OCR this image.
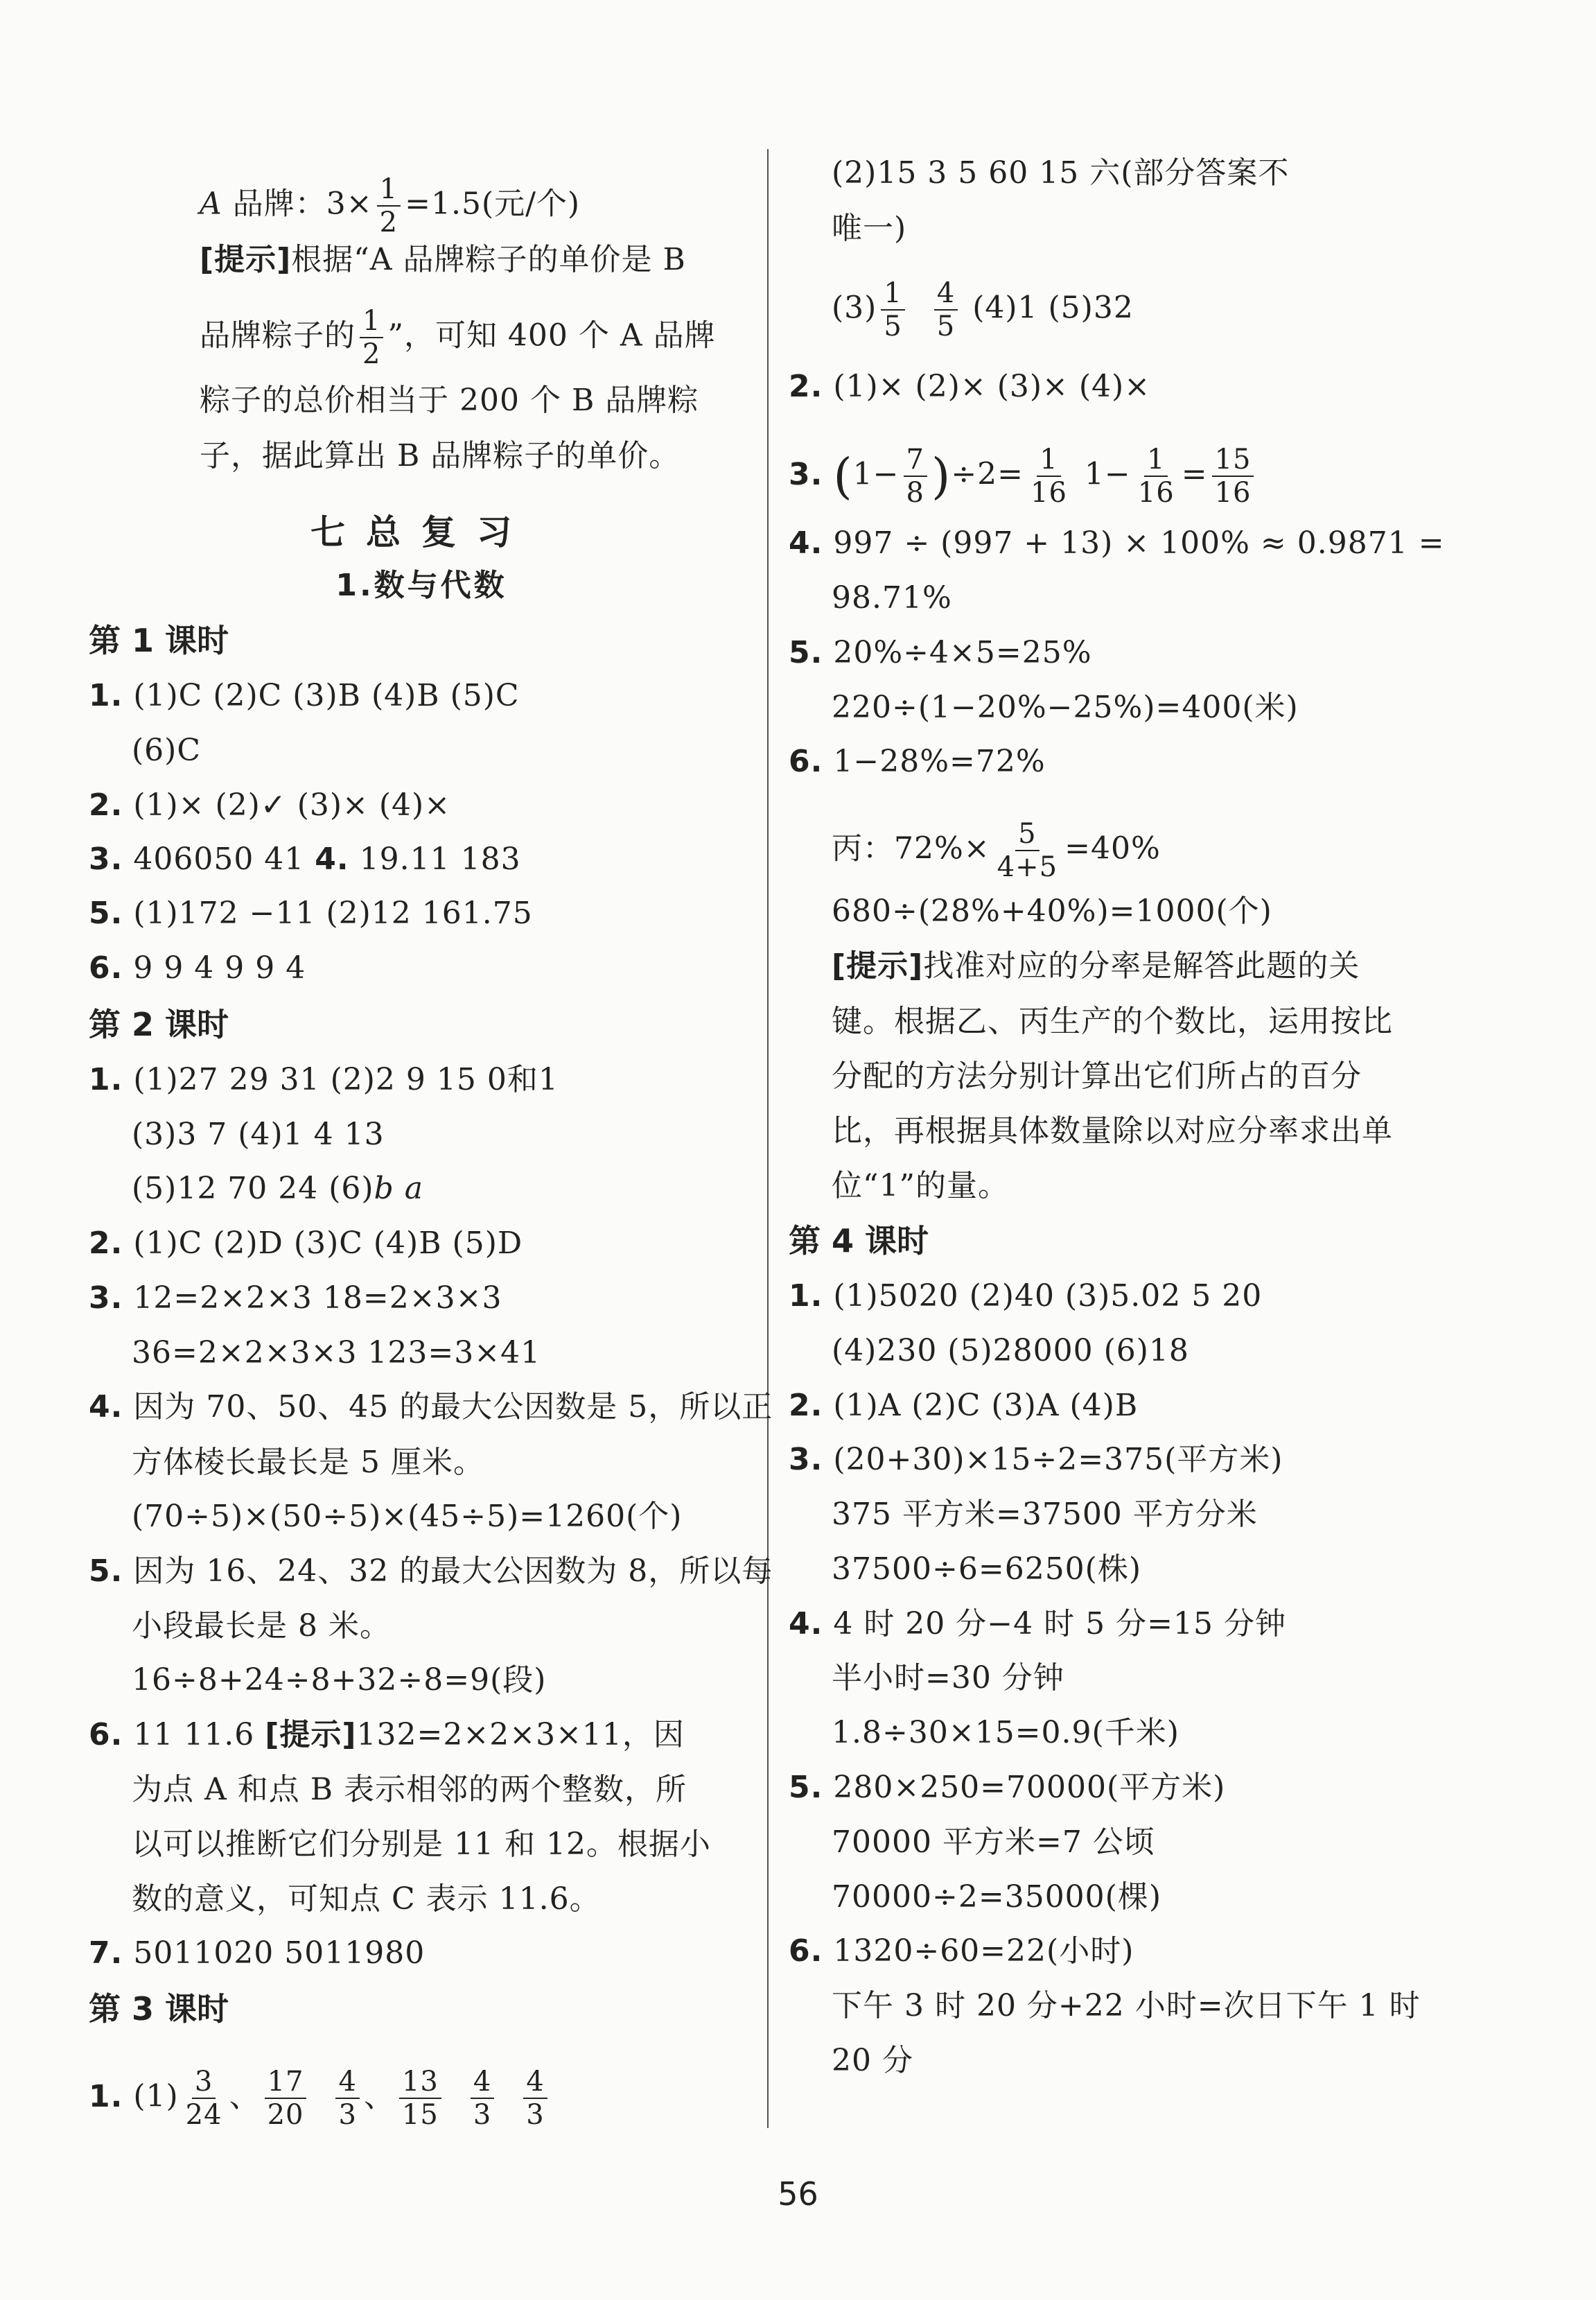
A 品牌：$3\times \frac{1}{2} =1.5$(元/个)
[提示]根据“A 品牌粽子的单价是 B
品牌粽子的 $\frac{1}{2}$ ”，可知 400 个 A 品牌
粽子的总价相当于 200 个 B 品牌粽
子，据此算出 B 品牌粽子的单价。
七总复习
1.数与代数
第 1 课时
1. (1)C (2)C (3)B (4)B (5)C
(6)C
2. (1)× (2)✓ (3)× (4)×
3. 406050 41 4. 19.11 183
5. (1)172 −11 (2)12 161.75
6. 9 9 4 9 9 4
第 2 课时
1. (1)27 29 31 (2)2 9 15 0和1
(3)3 7 (4)1 4 13
(5)12 70 24 (6)b a
2. (1)C (2)D (3)C (4)B (5)D
3. 12=2×2×3 18=2×3×3
36=2×2×3×3 123=3×41
4. 因为 70、50、45 的最大公因数是 5，所以正
方体棱长最长是 5 厘米。
(70÷5)×(50÷5)×(45÷5)=1260(个)
5. 因为 16、24、32 的最大公因数为 8，所以每
小段最长是 8 米。
16÷8+24÷8+32÷8=9(段)
6. 11 11.6 [提示]132=2×2×3×11，因
为点 A 和点 B 表示相邻的两个整数，所
以可以推断它们分别是 11 和 12。根据小
数的意义，可知点 C 表示 11.6。
7. 5011020 5011980
第 3 课时
1. $(1) \frac{3}{24}$ 、 $\frac{17}{20}$
$\frac{4}{3}$ 、 $\frac{13}{15}$
$\frac{4}{3}$
$\frac{4}{3}$
(2)15 3 5 60 15 六(部分答案不
唯一)
$(3) \frac{1}{5}$
$\frac{4}{5} (4)1$ (5)32
2. (1)× (2)× (3)× (4)×
3. $(1- \frac{7}{8} )\div 2= \frac{1}{16} 1- \frac{1}{16} = \frac{15}{16}$
4. 997 ÷ (997 + 13) × 100% ≈ 0.9871 =
98.71%
5. 20%÷4×5=25%
220÷(1−20%−25%)=400(米)
6. 1−28%=72%
丙：$72\%\times \frac{5}{4+5} =40\%$
680÷(28%+40%)=1000(个)
[提示]找准对应的分率是解答此题的关
键。根据乙、丙生产的个数比，运用按比
分配的方法分别计算出它们所占的百分
比，再根据具体数量除以对应分率求出单
位“1”的量。
第 4 课时
1. (1)5020 (2)40 (3)5.02 5 20
(4)230 (5)28000 (6)18
2. (1)A (2)C (3)A (4)B
3. (20+30)×15÷2=375(平方米)
375 平方米=37500 平方分米
37500÷6=6250(株)
4. 4 时 20 分−4 时 5 分=15 分钟
半小时=30 分钟
1.8÷30×15=0.9(千米)
5. 280×250=70000(平方米)
70000 平方米=7 公顷
70000÷2=35000(棵)
6. 1320÷60=22(小时)
下午 3 时 20 分+22 小时=次日下午 1 时
20 分
56
